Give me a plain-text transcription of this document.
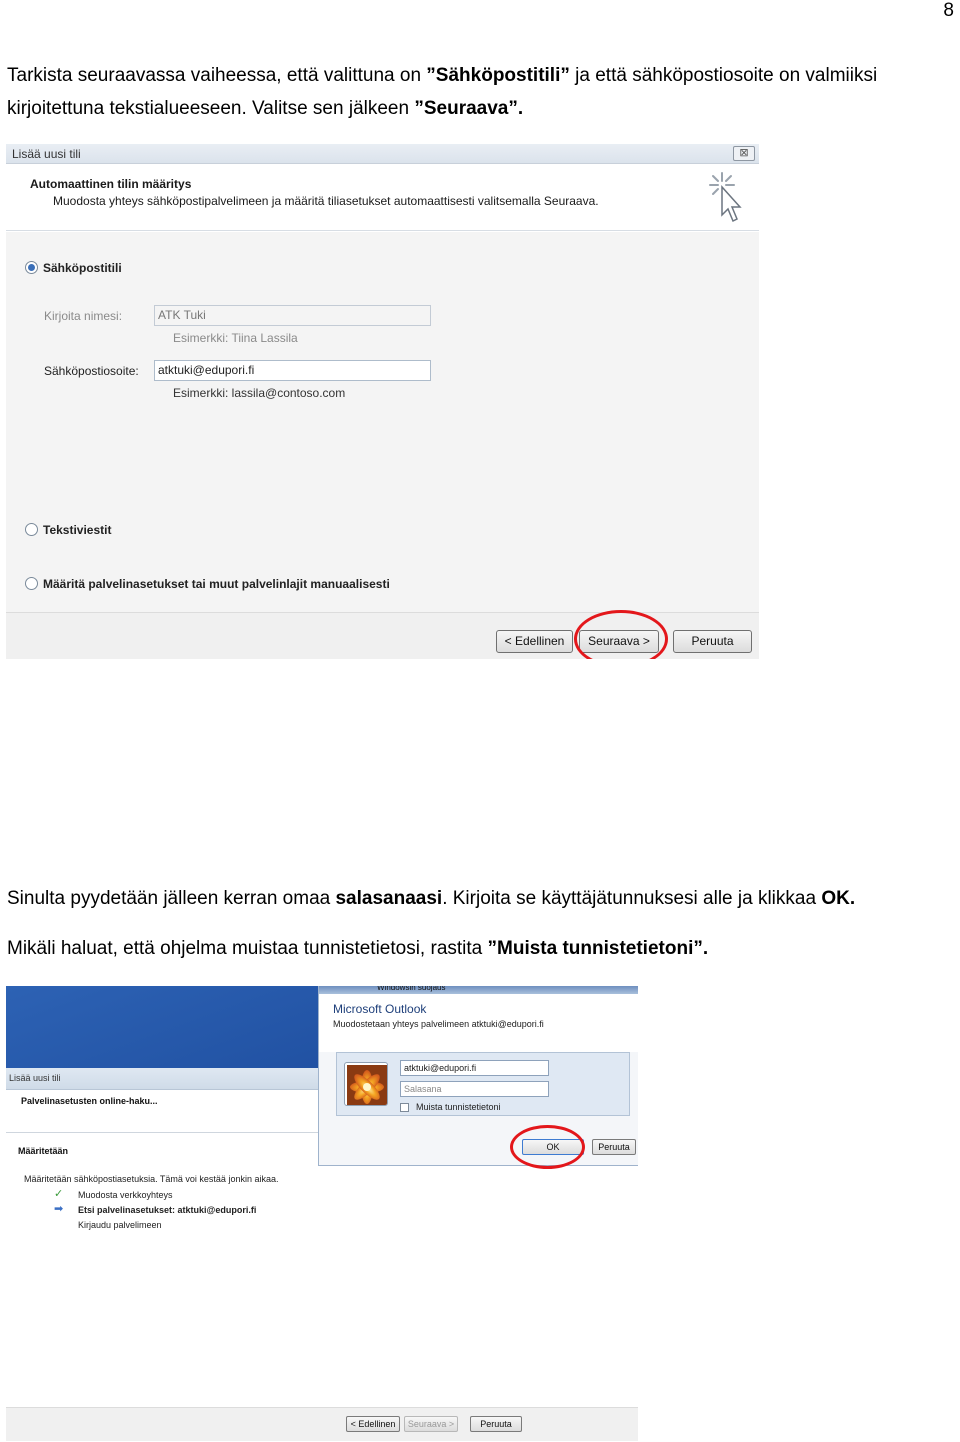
8
Tarkista seuraavassa vaiheessa, että valittuna on ”Sähköpostitili” ja että sähköpostiosoite on valmiiksi
kirjoitettuna tekstialueeseen. Valitse sen jälkeen ”Seuraava”.
Lisää uusi tili	⊠
Automaattinen tilin määritys
Muodosta yhteys sähköpostipalvelimeen ja määritä tiliasetukset automaattisesti valitsemalla Seuraava.
Sähköpostitili
Kirjoita nimesi:	ATK Tuki
Esimerkki: Tiina Lassila
Sähköpostiosoite:	atktuki@edupori.fi
Esimerkki: lassila@contoso.com
Tekstiviestit
Määritä palvelinasetukset tai muut palvelinlajit manuaalisesti
< Edellinen	Seuraava >	Peruuta
Sinulta pyydetään jälleen kerran omaa salasanaasi. Kirjoita se käyttäjätunnuksesi alle ja klikkaa OK.
Mikäli haluat, että ohjelma muistaa tunnistetietosi, rastita ”Muista tunnistetietoni”.
Lisää uusi tili
Palvelinasetusten online-haku...
Määritetään
Määritetään sähköpostiasetuksia. Tämä voi kestää jonkin aikaa.
✓ Muodosta verkkoyhteys
➡ Etsi palvelinasetukset: atktuki@edupori.fi
Kirjaudu palvelimeen
< Edellinen	Seuraava >	Peruuta
Windowsin suojaus
Microsoft Outlook
Muodostetaan yhteys palvelimeen atktuki@edupori.fi
atktuki@edupori.fi
Salasana
Muista tunnistetietoni
OK	Peruuta
